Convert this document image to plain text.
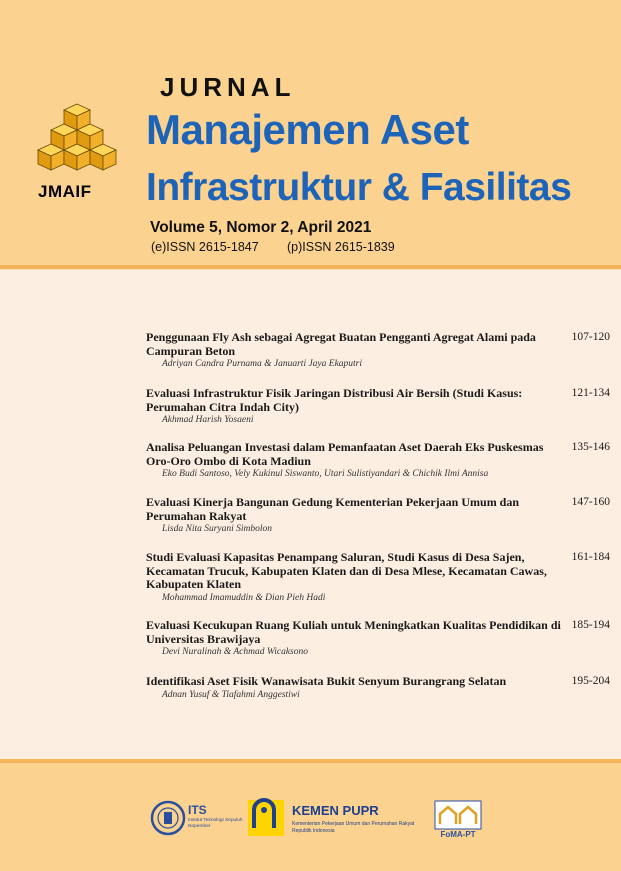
JMAIF
JURNAL
Manajemen Aset
Infrastruktur & Fasilitas
Volume 5, Nomor 2, April 2021
(e)ISSN 2615-1847 (p)ISSN 2615-1839
Penggunaan Fly Ash sebagai Agregat Buatan Pengganti Agregat Alami pada Campuran Beton
Adriyan Candra Purnama & Januarti Jaya Ekaputri
107-120
Evaluasi Infrastruktur Fisik Jaringan Distribusi Air Bersih (Studi Kasus: Perumahan Citra Indah City)
Akhmad Harish Yosaeni
121-134
Analisa Peluangan Investasi dalam Pemanfaatan Aset Daerah Eks Puskesmas Oro-Oro Ombo di Kota Madiun
Eko Budi Santoso, Vely Kukinul Siswanto, Utari Sulistiyandari & Chichik Ilmi Annisa
135-146
Evaluasi Kinerja Bangunan Gedung Kementerian Pekerjaan Umum dan Perumahan Rakyat
Lisda Nita Suryani Simbolon
147-160
Studi Evaluasi Kapasitas Penampang Saluran, Studi Kasus di Desa Sajen, Kecamatan Trucuk, Kabupaten Klaten dan di Desa Mlese, Kecamatan Cawas, Kabupaten Klaten
Mohammad Imamuddin & Dian Pieh Hadi
161-184
Evaluasi Kecukupan Ruang Kuliah untuk Meningkatkan Kualitas Pendidikan di Universitas Brawijaya
Devi Nuralinah & Achmad Wicaksono
185-194
Identifikasi Aset Fisik Wanawisata Bukit Senyum Burangrang Selatan
Adnan Yusuf & Tiafahmi Anggestiwi
195-204
ITS
Institut Teknologi Sepuluh Nopember
KEMEN PUPR
Kementerian Pekerjaan Umum dan Perumahan Rakyat Republik Indonesia	FoMA-PT
